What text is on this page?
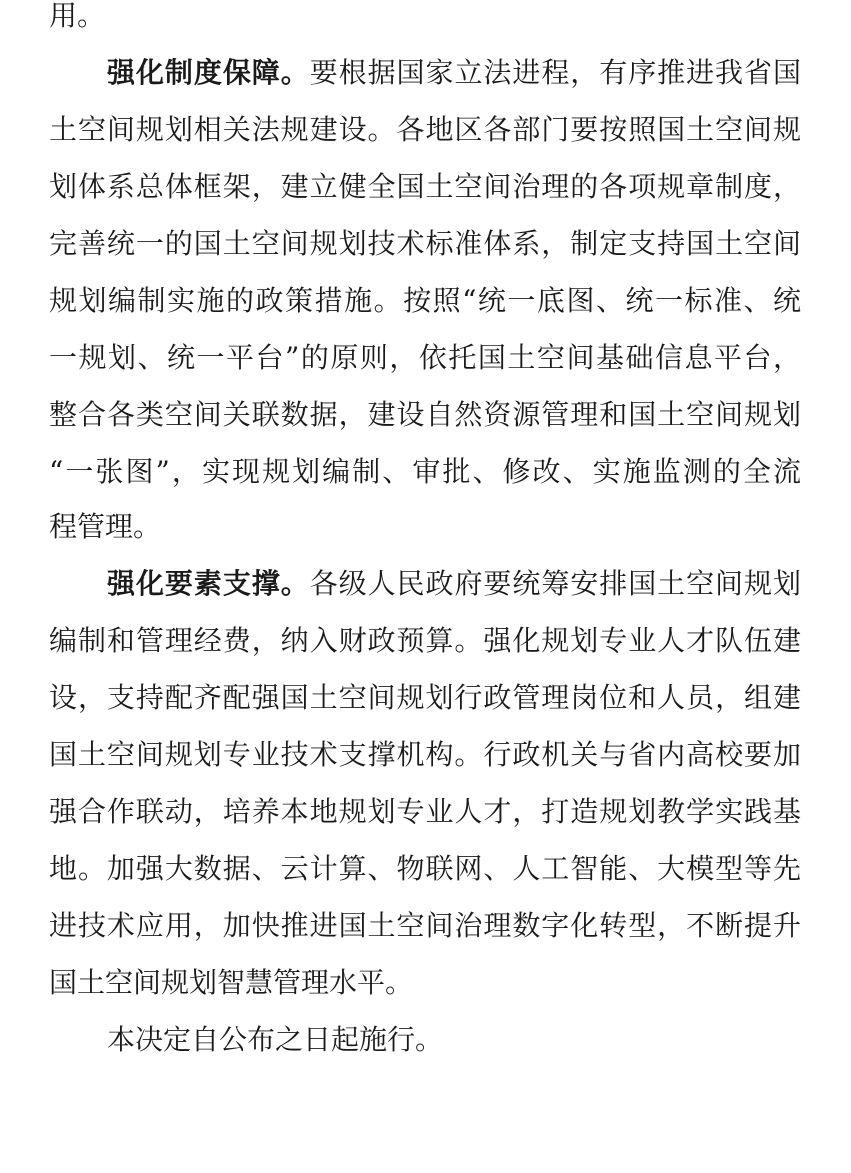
用。
强化制度保障。要根据国家立法进程，有序推进我省国
土空间规划相关法规建设。各地区各部门要按照国土空间规
划体系总体框架，建立健全国土空间治理的各项规章制度，
完善统一的国土空间规划技术标准体系，制定支持国土空间
规划编制实施的政策措施。按照“统一底图、统一标准、统
一规划、统一平台”的原则，依托国土空间基础信息平台，
整合各类空间关联数据，建设自然资源管理和国土空间规划
“一张图”，实现规划编制、审批、修改、实施监测的全流
程管理。
强化要素支撑。各级人民政府要统筹安排国土空间规划
编制和管理经费，纳入财政预算。强化规划专业人才队伍建
设，支持配齐配强国土空间规划行政管理岗位和人员，组建
国土空间规划专业技术支撑机构。行政机关与省内高校要加
强合作联动，培养本地规划专业人才，打造规划教学实践基
地。加强大数据、云计算、物联网、人工智能、大模型等先
进技术应用，加快推进国土空间治理数字化转型，不断提升
国土空间规划智慧管理水平。
本决定自公布之日起施行。
